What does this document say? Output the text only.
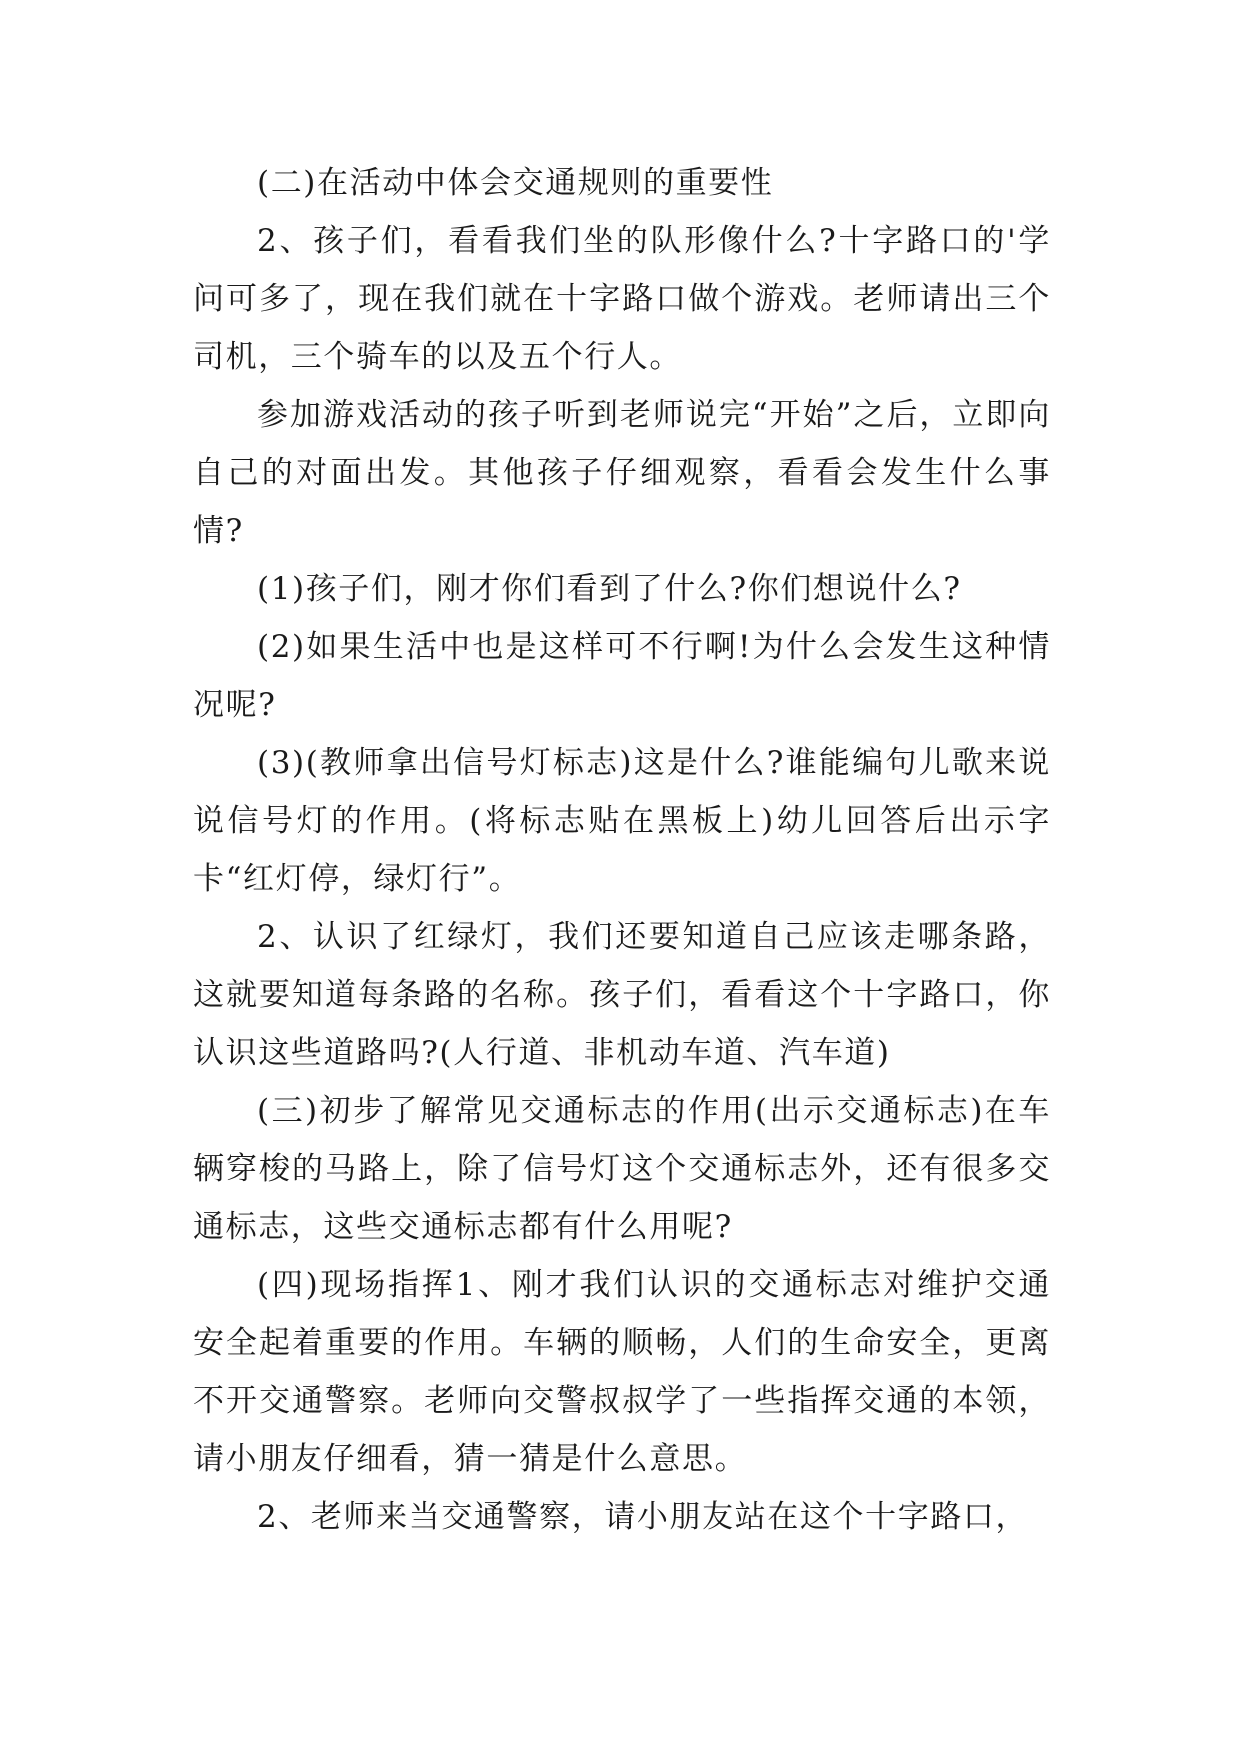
(二)在活动中体会交通规则的重要性

2、孩子们，看看我们坐的队形像什么?十字路口的'学问可多了，现在我们就在十字路口做个游戏。老师请出三个司机，三个骑车的以及五个行人。

参加游戏活动的孩子听到老师说完“开始”之后，立即向自己的对面出发。其他孩子仔细观察，看看会发生什么事情?

(1)孩子们，刚才你们看到了什么?你们想说什么?

(2)如果生活中也是这样可不行啊!为什么会发生这种情况呢?

(3)(教师拿出信号灯标志)这是什么?谁能编句儿歌来说说信号灯的作用。(将标志贴在黑板上)幼儿回答后出示字卡“红灯停，绿灯行”。

2、认识了红绿灯，我们还要知道自己应该走哪条路，这就要知道每条路的名称。孩子们，看看这个十字路口，你认识这些道路吗?(人行道、非机动车道、汽车道)

(三)初步了解常见交通标志的作用(出示交通标志)在车辆穿梭的马路上，除了信号灯这个交通标志外，还有很多交通标志，这些交通标志都有什么用呢?

(四)现场指挥1、刚才我们认识的交通标志对维护交通安全起着重要的作用。车辆的顺畅，人们的生命安全，更离不开交通警察。老师向交警叔叔学了一些指挥交通的本领，请小朋友仔细看，猜一猜是什么意思。

2、老师来当交通警察，请小朋友站在这个十字路口，
